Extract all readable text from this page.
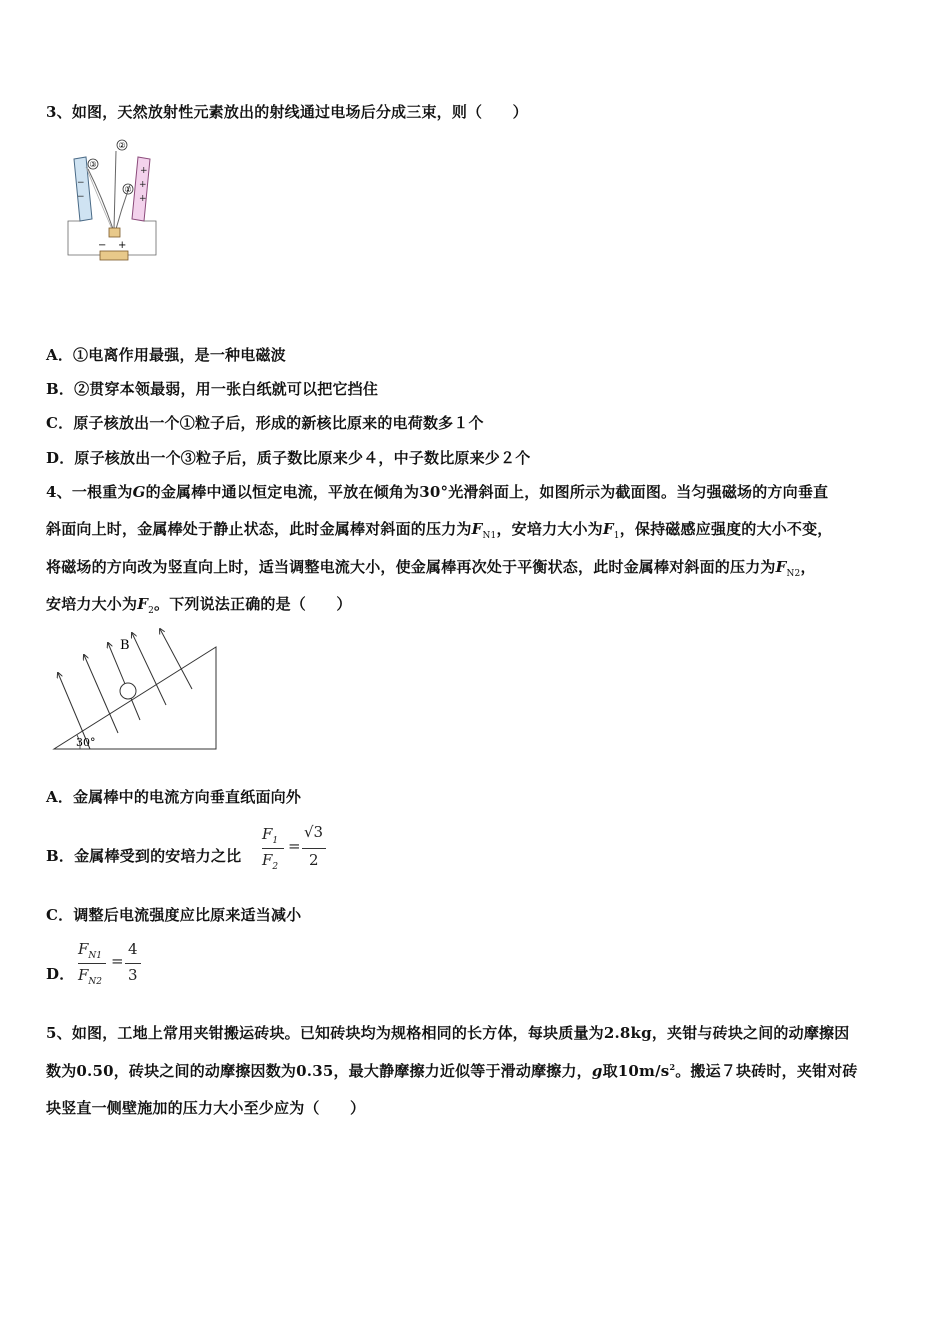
3、如图，天然放射性元素放出的射线通过电场后分成三束，则（　　）
−
−
+
+
+
②
③
①
− +
A．①电离作用最强，是一种电磁波
B．②贯穿本领最弱，用一张白纸就可以把它挡住
C．原子核放出一个①粒子后，形成的新核比原来的电荷数多１个
D．原子核放出一个③粒子后，质子数比原来少４，中子数比原来少２个
4、一根重为G的金属棒中通以恒定电流，平放在倾角为30°光滑斜面上，如图所示为截面图。当匀强磁场的方向垂直
斜面向上时，金属棒处于静止状态，此时金属棒对斜面的压力为$F_{N1}$，安培力大小为$F_1$，保持磁感应强度的大小不变，
将磁场的方向改为竖直向上时，适当调整电流大小，使金属棒再次处于平衡状态，此时金属棒对斜面的压力为$F_{N2}$，
安培力大小为$F_2$。下列说法正确的是（　　）
30°
B
A．金属棒中的电流方向垂直纸面向外
B．金属棒受到的安培力之比
$F_1$
$F_2$
=
√3
2
C．调整后电流强度应比原来适当减小
D．
$F_{N1}$
$F_{N2}$
=
4
3
5、如图，工地上常用夹钳搬运砖块。已知砖块均为规格相同的长方体，每块质量为2.8kg，夹钳与砖块之间的动摩擦因
数为0.50，砖块之间的动摩擦因数为0.35，最大静摩擦力近似等于滑动摩擦力，g取$10m/s^2$。搬运７块砖时，夹钳对砖
块竖直一侧壁施加的压力大小至少应为（　　）
